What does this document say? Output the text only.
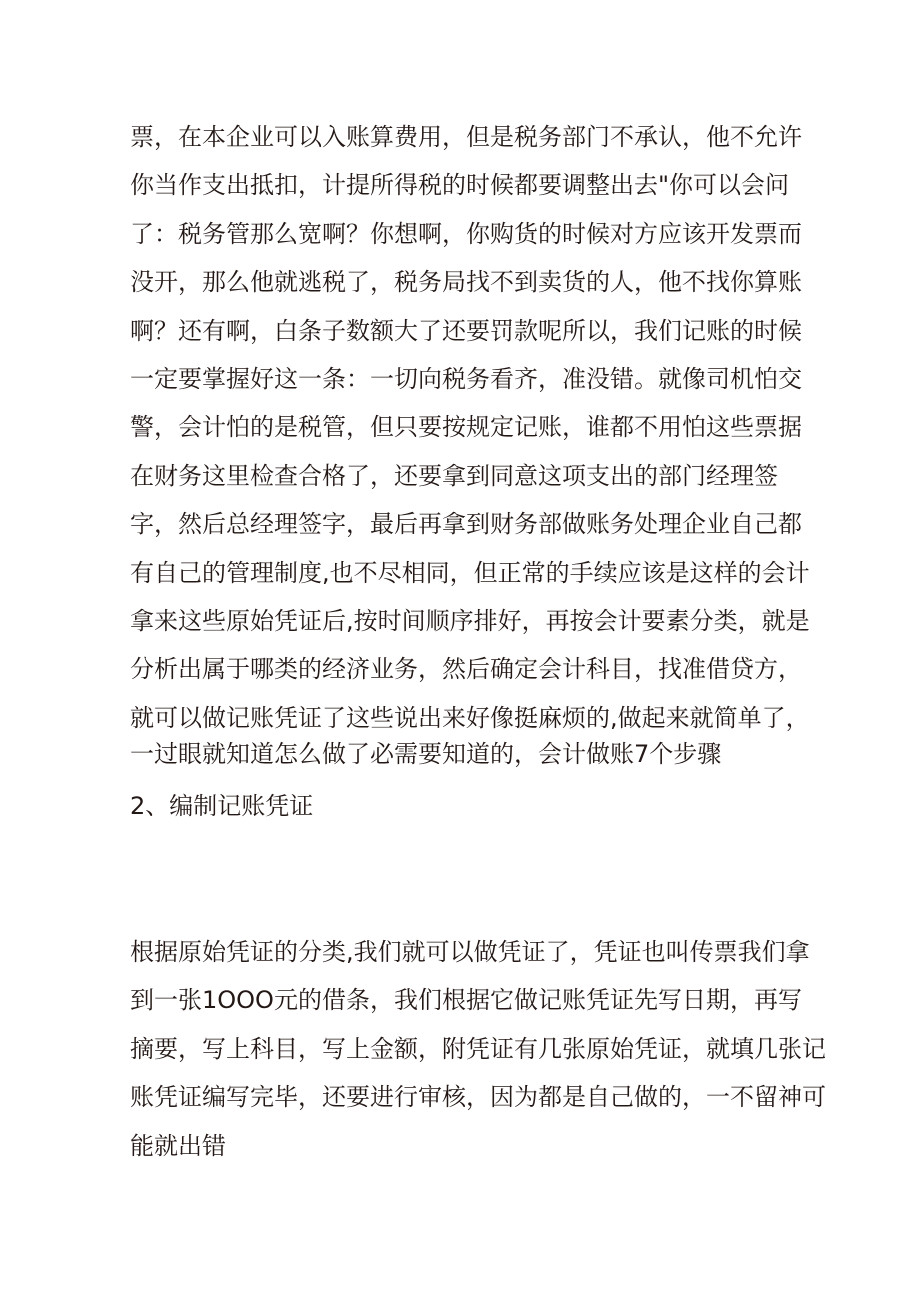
票，在本企业可以入账算费用，但是税务部门不承认，他不允许
你当作支出抵扣，计提所得税的时候都要调整出去"你可以会问
了：税务管那么宽啊？你想啊，你购货的时候对方应该开发票而
没开，那么他就逃税了，税务局找不到卖货的人，他不找你算账
啊？还有啊，白条子数额大了还要罚款呢所以，我们记账的时候
一定要掌握好这一条：一切向税务看齐，准没错。就像司机怕交
警，会计怕的是税管，但只要按规定记账，谁都不用怕这些票据
在财务这里检查合格了，还要拿到同意这项支出的部门经理签
字，然后总经理签字，最后再拿到财务部做账务处理企业自己都
有自己的管理制度,也不尽相同，但正常的手续应该是这样的会计
拿来这些原始凭证后,按时间顺序排好，再按会计要素分类，就是
分析出属于哪类的经济业务，然后确定会计科目，找准借贷方，
就可以做记账凭证了这些说出来好像挺麻烦的,做起来就简单了，
一过眼就知道怎么做了必需要知道的，会计做账7个步骤
2、编制记账凭证
根据原始凭证的分类,我们就可以做凭证了，凭证也叫传票我们拿
到一张1OOO元的借条，我们根据它做记账凭证先写日期，再写
摘要，写上科目，写上金额，附凭证有几张原始凭证，就填几张记
账凭证编写完毕，还要进行审核，因为都是自己做的，一不留神可
能就出错
